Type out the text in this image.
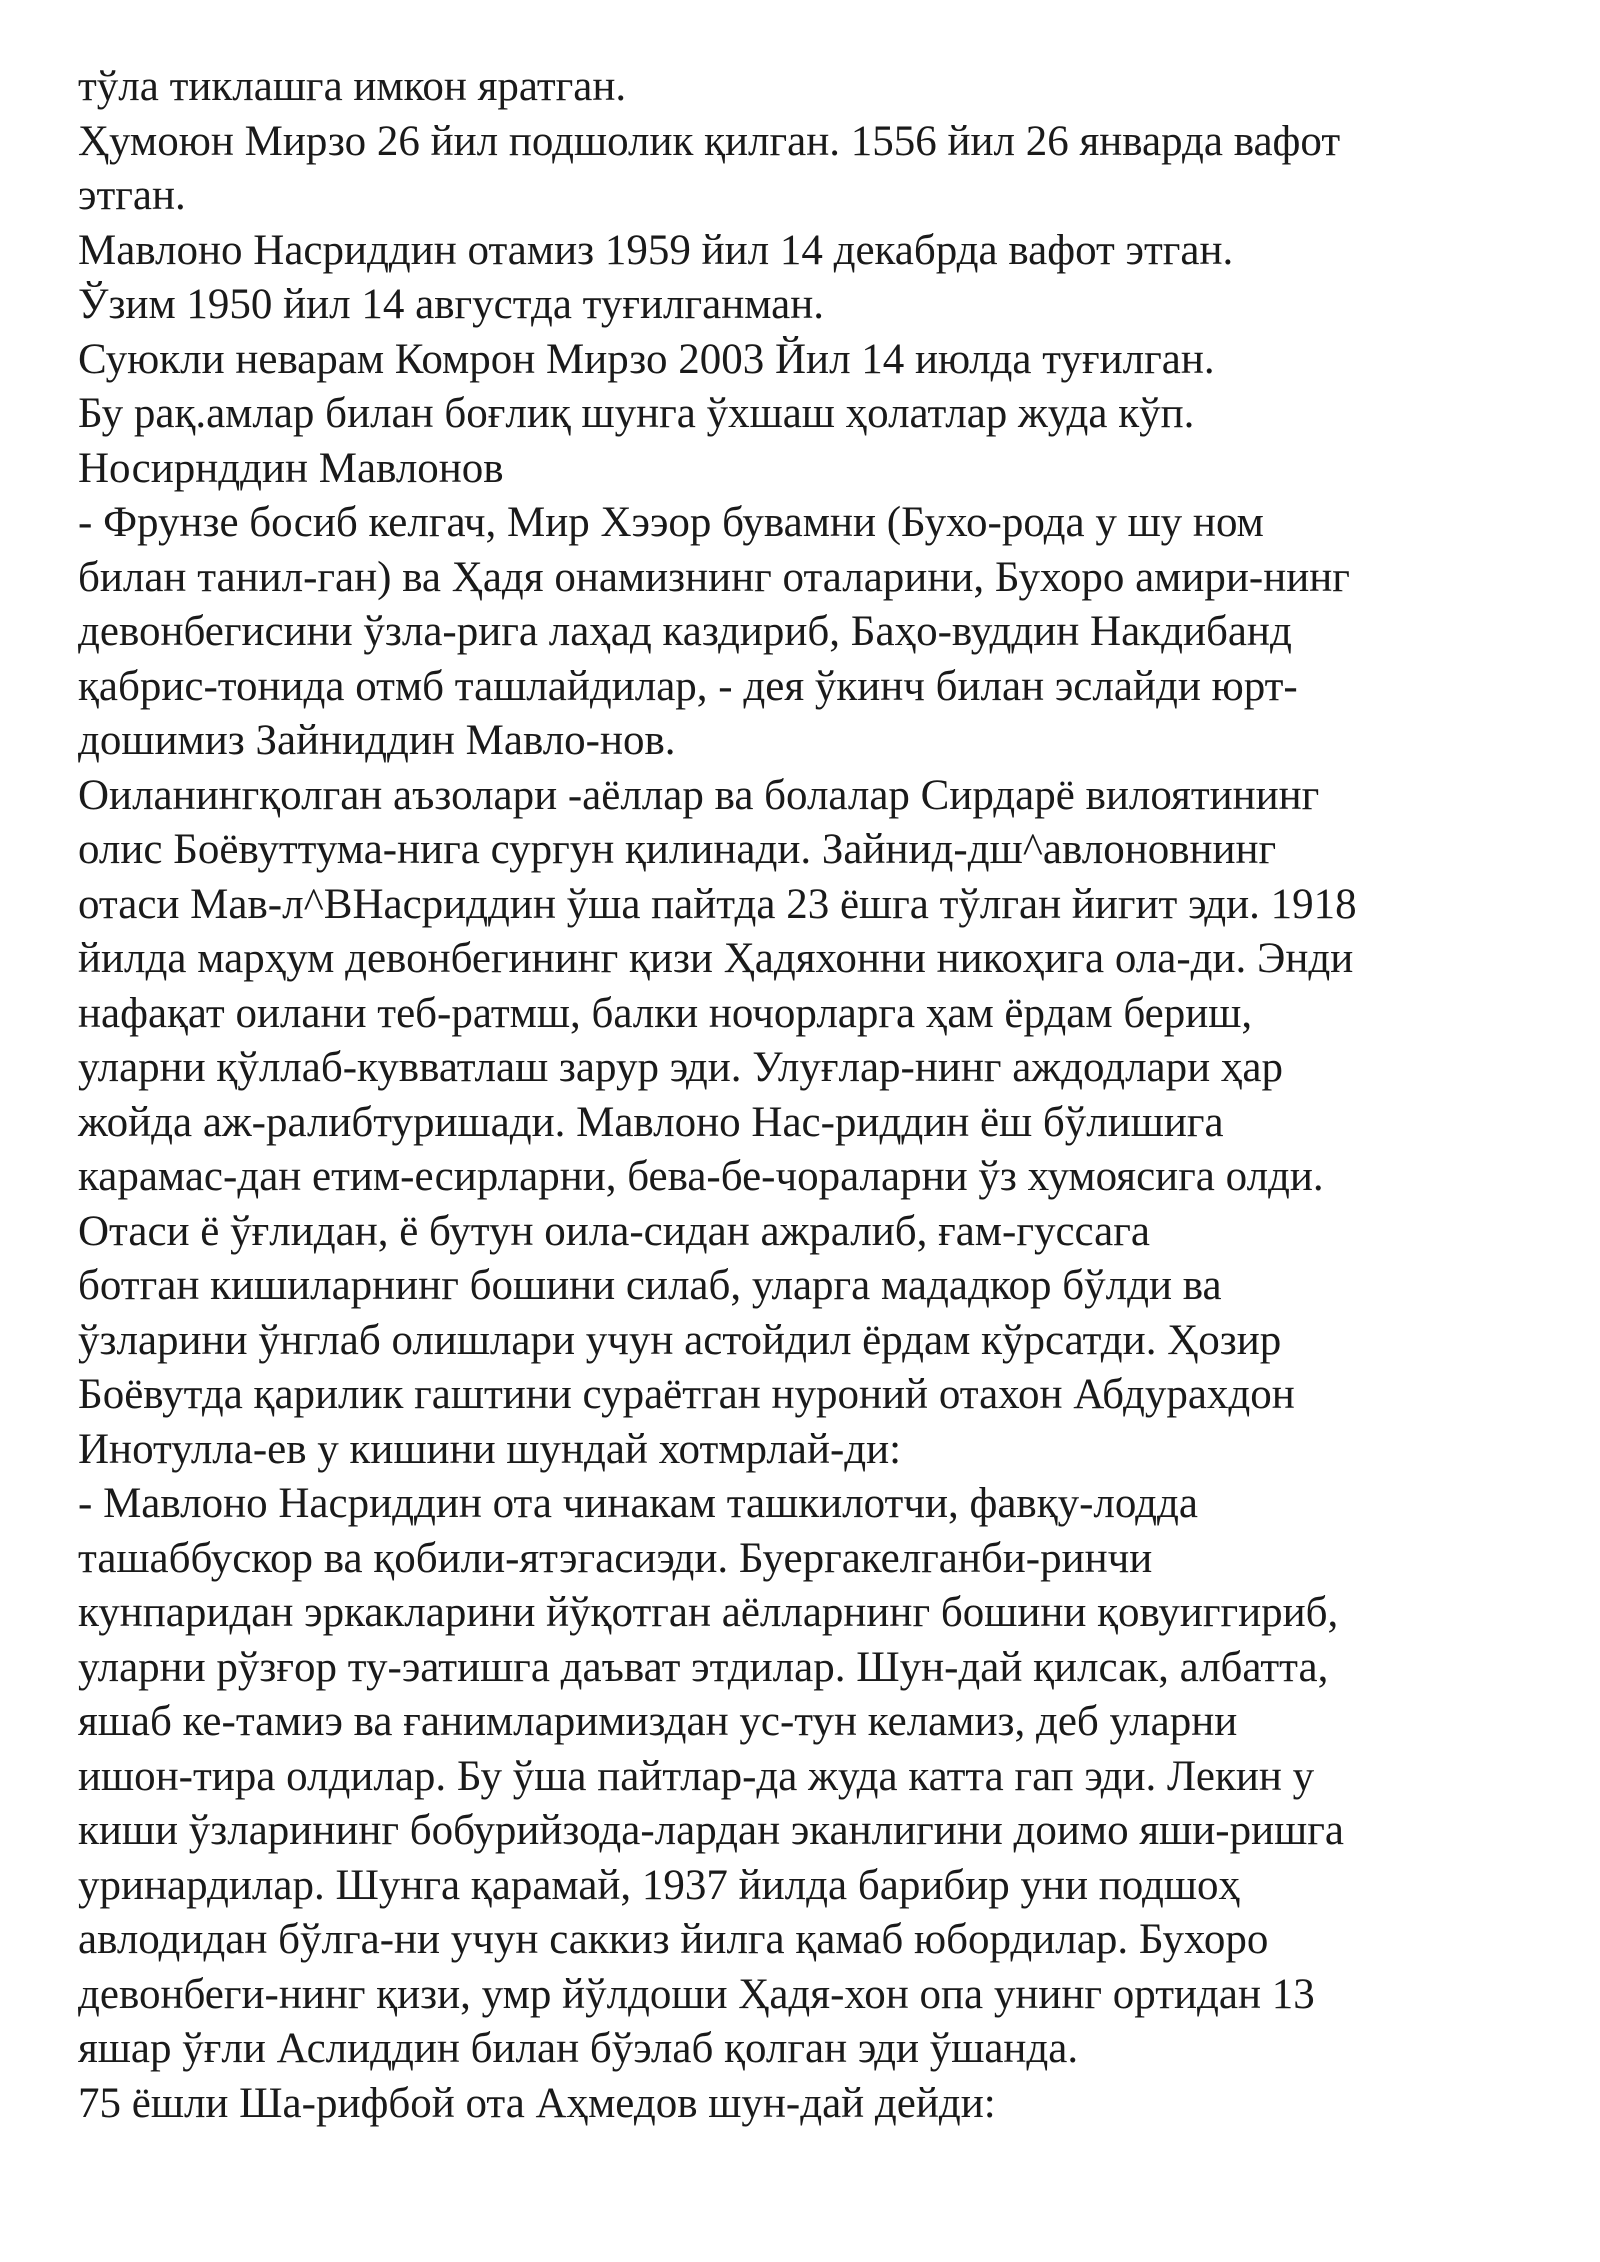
тўла тиклашга имкон яратган.
Ҳумоюн Мирзо 26 йил подшолик қилган. 1556 йил 26 январда вафот
этган.
Мавлоно Насриддин отамиз 1959 йил 14 декабрда вафот этган.
Ўзим 1950 йил 14 августда туғилганман.
Суюкли неварам Комрон Мирзо 2003 Йил 14 июлда туғилган.
Бу рақ.амлар билан боғлиқ шунга ўхшаш ҳолатлар жуда кўп.
Носирнддин Мавлонов
- Фрунзе босиб келгач, Мир Хээор бувамни (Бухо-рода у шу ном
билан танил-ган) ва Ҳадя онамизнинг оталарини, Бухоро амири-нинг
девонбегисини ўзла-рига лаҳад каздириб, Баҳо-вуддин Накдибанд
қабрис-тонида отмб ташлайдилар, - дея ўкинч билан эслайди юрт-
дошимиз Зайниддин Мавло-нов.
Оиланингқолган аъзолари -аёллар ва болалар Сирдарё вилоятининг
олис Боёвуттума-нига сургун қилинади. Зайнид-дш^авлоновнинг
отаси Мав-л^ВНасриддин ўша пайтда 23 ёшга тўлган йигит эди. 1918
йилда марҳум девонбегининг қизи Ҳадяхонни никоҳига ола-ди. Энди
нафақат оилани теб-ратмш, балки ночорларга ҳам ёрдам бериш,
уларни қўллаб-кувватлаш зарур эди. Улуғлар-нинг аждодлари ҳар
жойда аж-ралибтуришади. Мавлоно Нас-риддин ёш бўлишига
карамас-дан етим-есирларни, бева-бе-чораларни ўз хумоясига олди.
Отаси ё ўғлидан, ё бутун оила-сидан ажралиб, ғам-гуссага
ботган кишиларнинг бошини силаб, уларга мададкор бўлди ва
ўзларини ўнглаб олишлари учун астойдил ёрдам кўрсатди. Ҳозир
Боёвутда қарилик гаштини сураётган нуроний отахон Абдурахдон
Инотулла-ев у кишини шундай хотмрлай-ди:
- Мавлоно Насриддин ота чинакам ташкилотчи, фавқу-лодда
ташаббускор ва қобили-ятэгасиэди. Буергакелганби-ринчи
кунпаридан эркакларини йўқотган аёлларнинг бошини қовуиггириб,
уларни рўзғор ту-эатишга даъват этдилар. Шун-дай қилсак, албатта,
яшаб ке-тамиэ ва ғанимларимиздан ус-тун келамиз, деб уларни
ишон-тира олдилар. Бу ўша пайтлар-да жуда катта гап эди. Лекин у
киши ўзларининг бобурийзода-лардан эканлигини доимо яши-ришга
уринардилар. Шунга қарамай, 1937 йилда барибир уни подшоҳ
авлодидан бўлга-ни учун саккиз йилга қамаб юбордилар. Бухоро
девонбеги-нинг қизи, умр йўлдоши Ҳадя-хон опа унинг ортидан 13
яшар ўғли Аслиддин билан бўэлаб қолган эди ўшанда.
75 ёшли Ша-рифбой ота Аҳмедов шун-дай дейди:
